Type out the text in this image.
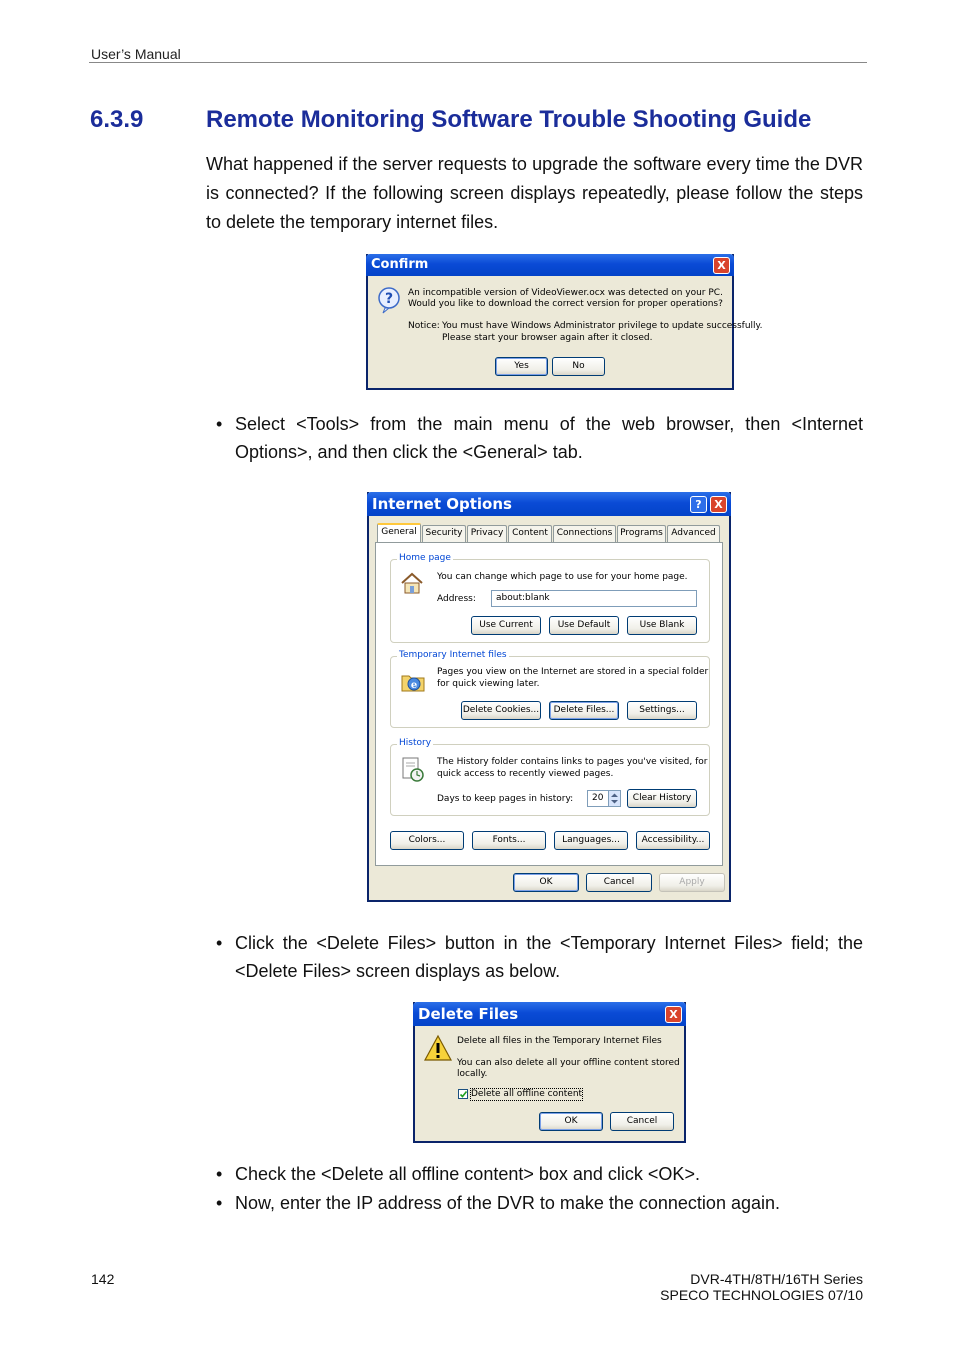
User’s Manual
6.3.9	Remote Monitoring Software Trouble Shooting Guide
What happened if the server requests to upgrade the software every time the DVR is connected? If the following screen displays repeatedly, please follow the steps to delete the temporary internet files.
Confirm	X
? An incompatible version of VideoViewer.ocx was detected on your PC.
Would you like to download the correct version for proper operations?
Notice: You must have Windows Administrator privilege to update successfully.
Please start your browser again after it closed.
Yes	No
• Select <Tools> from the main menu of the web browser, then <Internet Options>, and then click the <General> tab.
Internet Options	?	X
General Security Privacy Content Connections Programs Advanced
Home page
You can change which page to use for your home page.
Address:	about:blank
Use Current	Use Default	Use Blank
Temporary Internet files
e
Pages you view on the Internet are stored in a special folder
for quick viewing later.
Delete Cookies...	Delete Files...	Settings...
History
The History folder contains links to pages you've visited, for
quick access to recently viewed pages.
Days to keep pages in history:	20	Clear History
Colors...	Fonts...	Languages...	Accessibility...
OK	Cancel	Apply
• Click the <Delete Files> button in the <Temporary Internet Files> field; the <Delete Files> screen displays as below.
Delete Files	X
Delete all files in the Temporary Internet Files
You can also delete all your offline content stored
locally.
Delete all offline content
OK	Cancel
• Check the <Delete all offline content> box and click <OK>.
• Now, enter the IP address of the DVR to make the connection again.
142	DVR-4TH/8TH/16TH Series
SPECO TECHNOLOGIES 07/10
